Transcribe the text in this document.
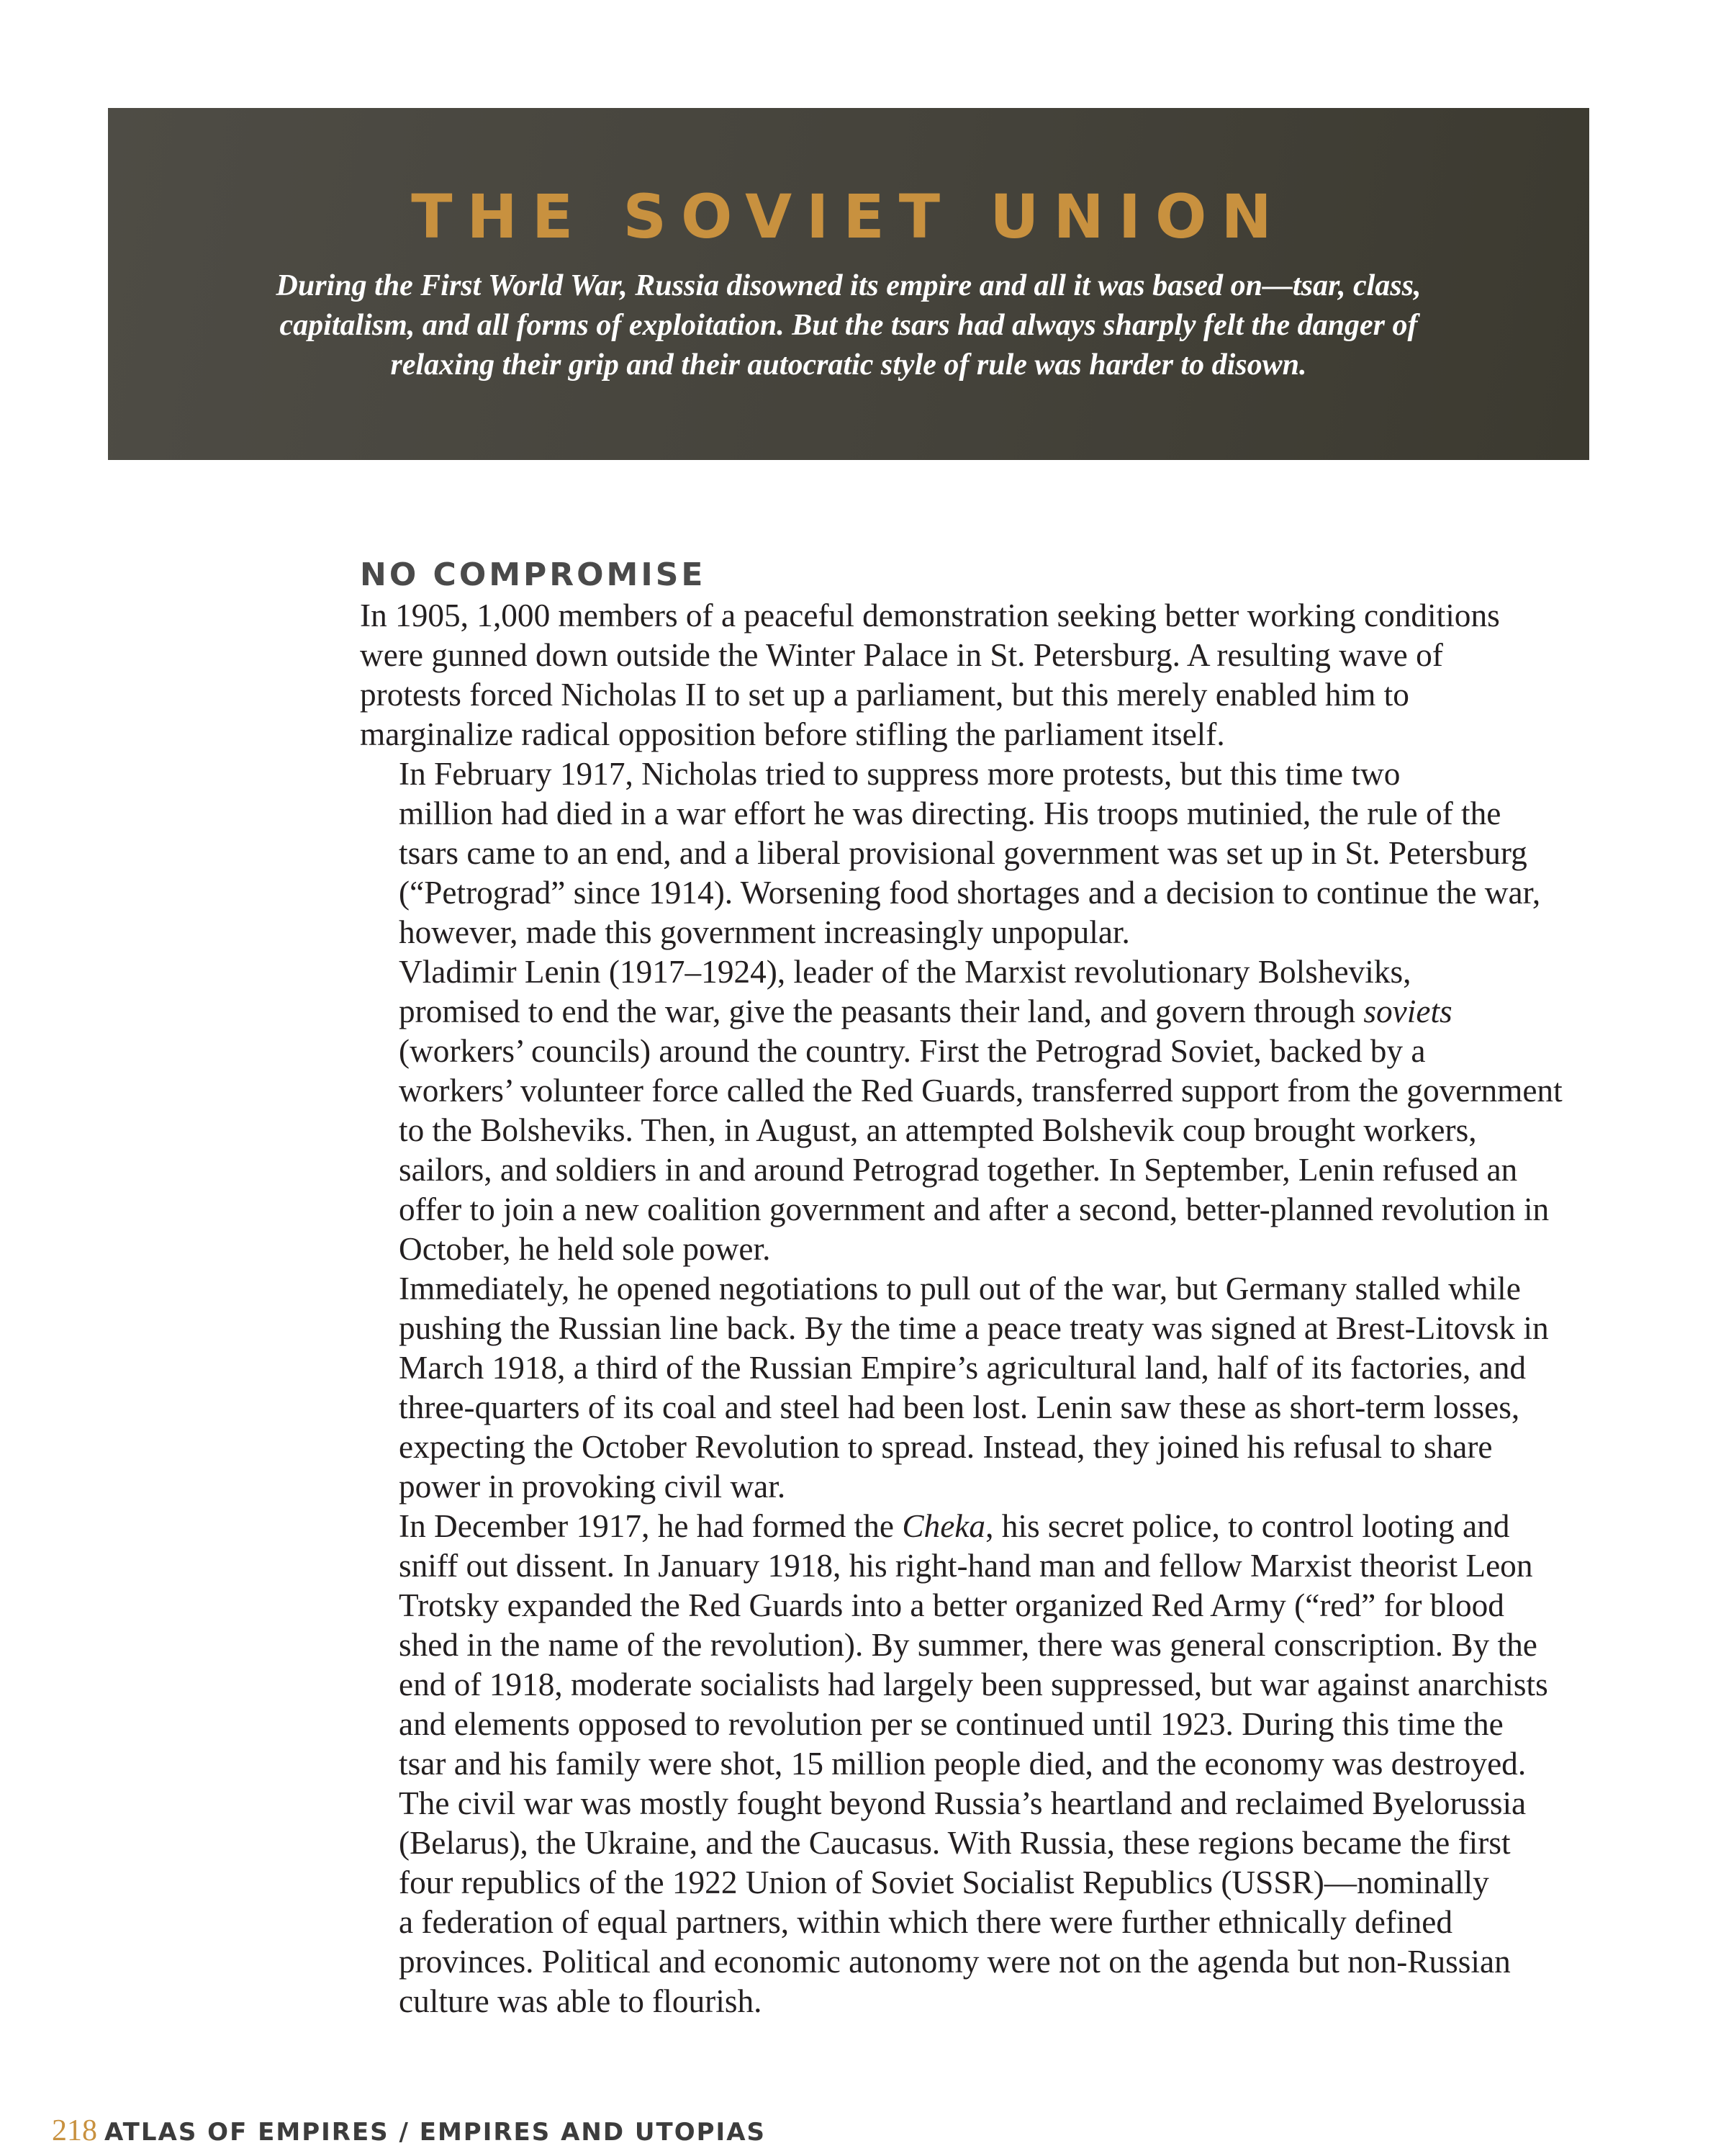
THE SOVIET UNION

During the First World War, Russia disowned its empire and all it was based on—tsar, class,
capitalism, and all forms of exploitation. But the tsars had always sharply felt the danger of
relaxing their grip and their autocratic style of rule was harder to disown.

NO COMPROMISE

In 1905, 1,000 members of a peaceful demonstration seeking better working conditions
were gunned down outside the Winter Palace in St. Petersburg. A resulting wave of
protests forced Nicholas II to set up a parliament, but this merely enabled him to
marginalize radical opposition before stifling the parliament itself.

In February 1917, Nicholas tried to suppress more protests, but this time two
million had died in a war effort he was directing. His troops mutinied, the rule of the
tsars came to an end, and a liberal provisional government was set up in St. Petersburg
(“Petrograd” since 1914). Worsening food shortages and a decision to continue the war,
however, made this government increasingly unpopular.

Vladimir Lenin (1917–1924), leader of the Marxist revolutionary Bolsheviks,
promised to end the war, give the peasants their land, and govern through soviets
(workers’ councils) around the country. First the Petrograd Soviet, backed by a
workers’ volunteer force called the Red Guards, transferred support from the government
to the Bolsheviks. Then, in August, an attempted Bolshevik coup brought workers,
sailors, and soldiers in and around Petrograd together. In September, Lenin refused an
offer to join a new coalition government and after a second, better-planned revolution in
October, he held sole power.

Immediately, he opened negotiations to pull out of the war, but Germany stalled while
pushing the Russian line back. By the time a peace treaty was signed at Brest-Litovsk in
March 1918, a third of the Russian Empire’s agricultural land, half of its factories, and
three-quarters of its coal and steel had been lost. Lenin saw these as short-term losses,
expecting the October Revolution to spread. Instead, they joined his refusal to share
power in provoking civil war.

In December 1917, he had formed the Cheka, his secret police, to control looting and
sniff out dissent. In January 1918, his right-hand man and fellow Marxist theorist Leon
Trotsky expanded the Red Guards into a better organized Red Army (“red” for blood
shed in the name of the revolution). By summer, there was general conscription. By the
end of 1918, moderate socialists had largely been suppressed, but war against anarchists
and elements opposed to revolution per se continued until 1923. During this time the
tsar and his family were shot, 15 million people died, and the economy was destroyed.

The civil war was mostly fought beyond Russia’s heartland and reclaimed Byelorussia
(Belarus), the Ukraine, and the Caucasus. With Russia, these regions became the first
four republics of the 1922 Union of Soviet Socialist Republics (USSR)—nominally
a federation of equal partners, within which there were further ethnically defined
provinces. Political and economic autonomy were not on the agenda but non-Russian
culture was able to flourish.

218 ATLAS OF EMPIRES / EMPIRES AND UTOPIAS
